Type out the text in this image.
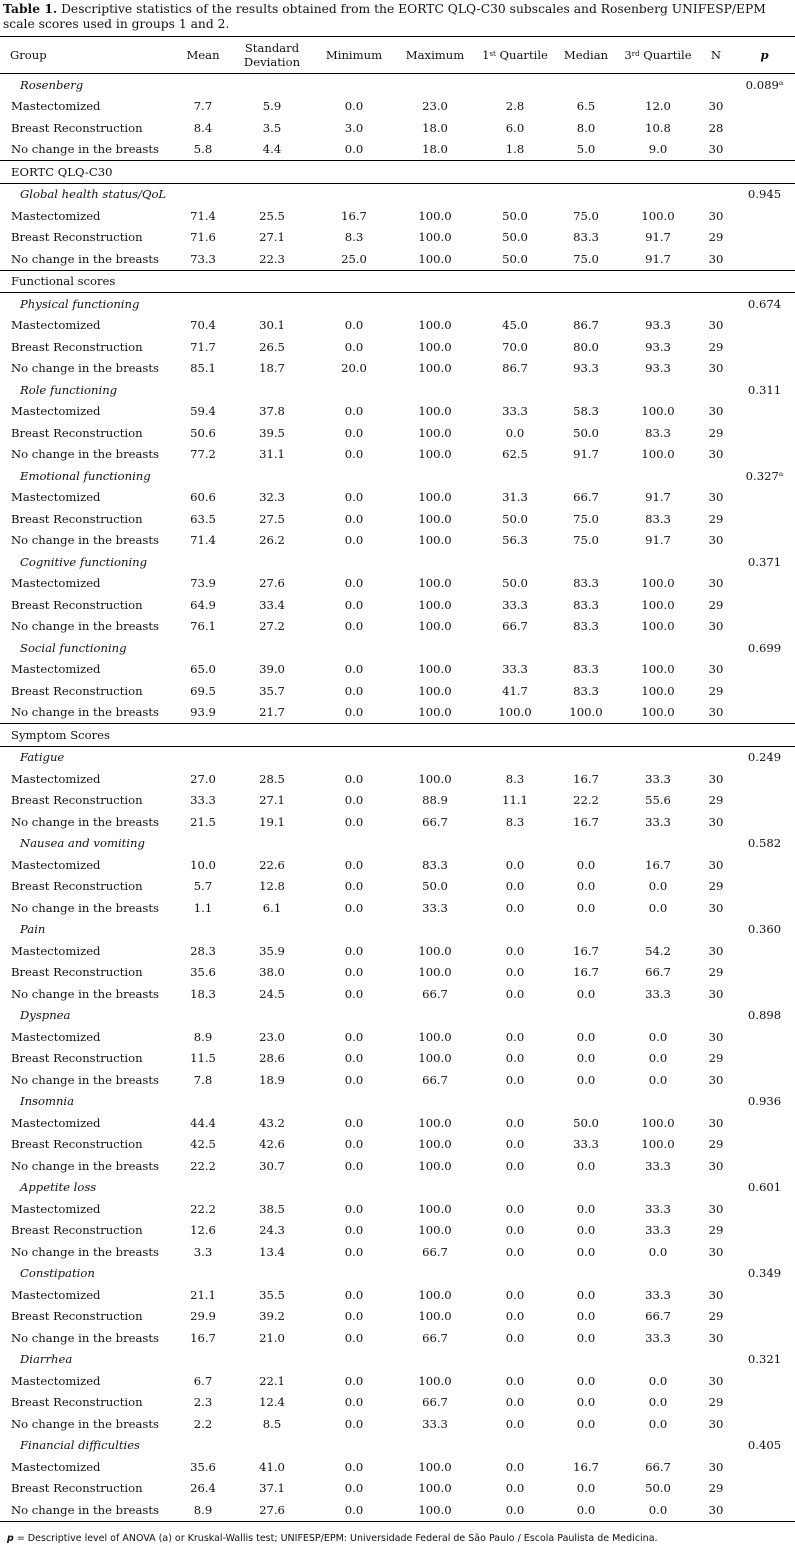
Table 1. Descriptive statistics of the results obtained from the EORTC QLQ-C30 subscales and Rosenberg UNIFESP/EPM scale scores used in groups 1 and 2.

Group	Mean	Standard Deviation	Minimum	Maximum	1st Quartile	Median	3rd Quartile	N	p
Rosenberg									0.089ᵃ
Mastectomized	7.7	5.9	0.0	23.0	2.8	6.5	12.0	30	
Breast Reconstruction	8.4	3.5	3.0	18.0	6.0	8.0	10.8	28	
No change in the breasts	5.8	4.4	0.0	18.0	1.8	5.0	9.0	30	
EORTC QLQ-C30									
Global health status/QoL									0.945
Mastectomized	71.4	25.5	16.7	100.0	50.0	75.0	100.0	30	
Breast Reconstruction	71.6	27.1	8.3	100.0	50.0	83.3	91.7	29	
No change in the breasts	73.3	22.3	25.0	100.0	50.0	75.0	91.7	30	
Functional scores									
Physical functioning									0.674
Mastectomized	70.4	30.1	0.0	100.0	45.0	86.7	93.3	30	
Breast Reconstruction	71.7	26.5	0.0	100.0	70.0	80.0	93.3	29	
No change in the breasts	85.1	18.7	20.0	100.0	86.7	93.3	93.3	30	
Role functioning									0.311
Mastectomized	59.4	37.8	0.0	100.0	33.3	58.3	100.0	30	
Breast Reconstruction	50.6	39.5	0.0	100.0	0.0	50.0	83.3	29	
No change in the breasts	77.2	31.1	0.0	100.0	62.5	91.7	100.0	30	
Emotional functioning									0.327ᵃ
Mastectomized	60.6	32.3	0.0	100.0	31.3	66.7	91.7	30	
Breast Reconstruction	63.5	27.5	0.0	100.0	50.0	75.0	83.3	29	
No change in the breasts	71.4	26.2	0.0	100.0	56.3	75.0	91.7	30	
Cognitive functioning									0.371
Mastectomized	73.9	27.6	0.0	100.0	50.0	83.3	100.0	30	
Breast Reconstruction	64.9	33.4	0.0	100.0	33.3	83.3	100.0	29	
No change in the breasts	76.1	27.2	0.0	100.0	66.7	83.3	100.0	30	
Social functioning									0.699
Mastectomized	65.0	39.0	0.0	100.0	33.3	83.3	100.0	30	
Breast Reconstruction	69.5	35.7	0.0	100.0	41.7	83.3	100.0	29	
No change in the breasts	93.9	21.7	0.0	100.0	100.0	100.0	100.0	30	
Symptom Scores									
Fatigue									0.249
Mastectomized	27.0	28.5	0.0	100.0	8.3	16.7	33.3	30	
Breast Reconstruction	33.3	27.1	0.0	88.9	11.1	22.2	55.6	29	
No change in the breasts	21.5	19.1	0.0	66.7	8.3	16.7	33.3	30	
Nausea and vomiting									0.582
Mastectomized	10.0	22.6	0.0	83.3	0.0	0.0	16.7	30	
Breast Reconstruction	5.7	12.8	0.0	50.0	0.0	0.0	0.0	29	
No change in the breasts	1.1	6.1	0.0	33.3	0.0	0.0	0.0	30	
Pain									0.360
Mastectomized	28.3	35.9	0.0	100.0	0.0	16.7	54.2	30	
Breast Reconstruction	35.6	38.0	0.0	100.0	0.0	16.7	66.7	29	
No change in the breasts	18.3	24.5	0.0	66.7	0.0	0.0	33.3	30	
Dyspnea									0.898
Mastectomized	8.9	23.0	0.0	100.0	0.0	0.0	0.0	30	
Breast Reconstruction	11.5	28.6	0.0	100.0	0.0	0.0	0.0	29	
No change in the breasts	7.8	18.9	0.0	66.7	0.0	0.0	0.0	30	
Insomnia									0.936
Mastectomized	44.4	43.2	0.0	100.0	0.0	50.0	100.0	30	
Breast Reconstruction	42.5	42.6	0.0	100.0	0.0	33.3	100.0	29	
No change in the breasts	22.2	30.7	0.0	100.0	0.0	0.0	33.3	30	
Appetite loss									0.601
Mastectomized	22.2	38.5	0.0	100.0	0.0	0.0	33.3	30	
Breast Reconstruction	12.6	24.3	0.0	100.0	0.0	0.0	33.3	29	
No change in the breasts	3.3	13.4	0.0	66.7	0.0	0.0	0.0	30	
Constipation									0.349
Mastectomized	21.1	35.5	0.0	100.0	0.0	0.0	33.3	30	
Breast Reconstruction	29.9	39.2	0.0	100.0	0.0	0.0	66.7	29	
No change in the breasts	16.7	21.0	0.0	66.7	0.0	0.0	33.3	30	
Diarrhea									0.321
Mastectomized	6.7	22.1	0.0	100.0	0.0	0.0	0.0	30	
Breast Reconstruction	2.3	12.4	0.0	66.7	0.0	0.0	0.0	29	
No change in the breasts	2.2	8.5	0.0	33.3	0.0	0.0	0.0	30	
Financial difficulties									0.405
Mastectomized	35.6	41.0	0.0	100.0	0.0	16.7	66.7	30	
Breast Reconstruction	26.4	37.1	0.0	100.0	0.0	0.0	50.0	29	
No change in the breasts	8.9	27.6	0.0	100.0	0.0	0.0	0.0	30	

p = Descriptive level of ANOVA (a) or Kruskal-Wallis test; UNIFESP/EPM: Universidade Federal de São Paulo / Escola Paulista de Medicina.
